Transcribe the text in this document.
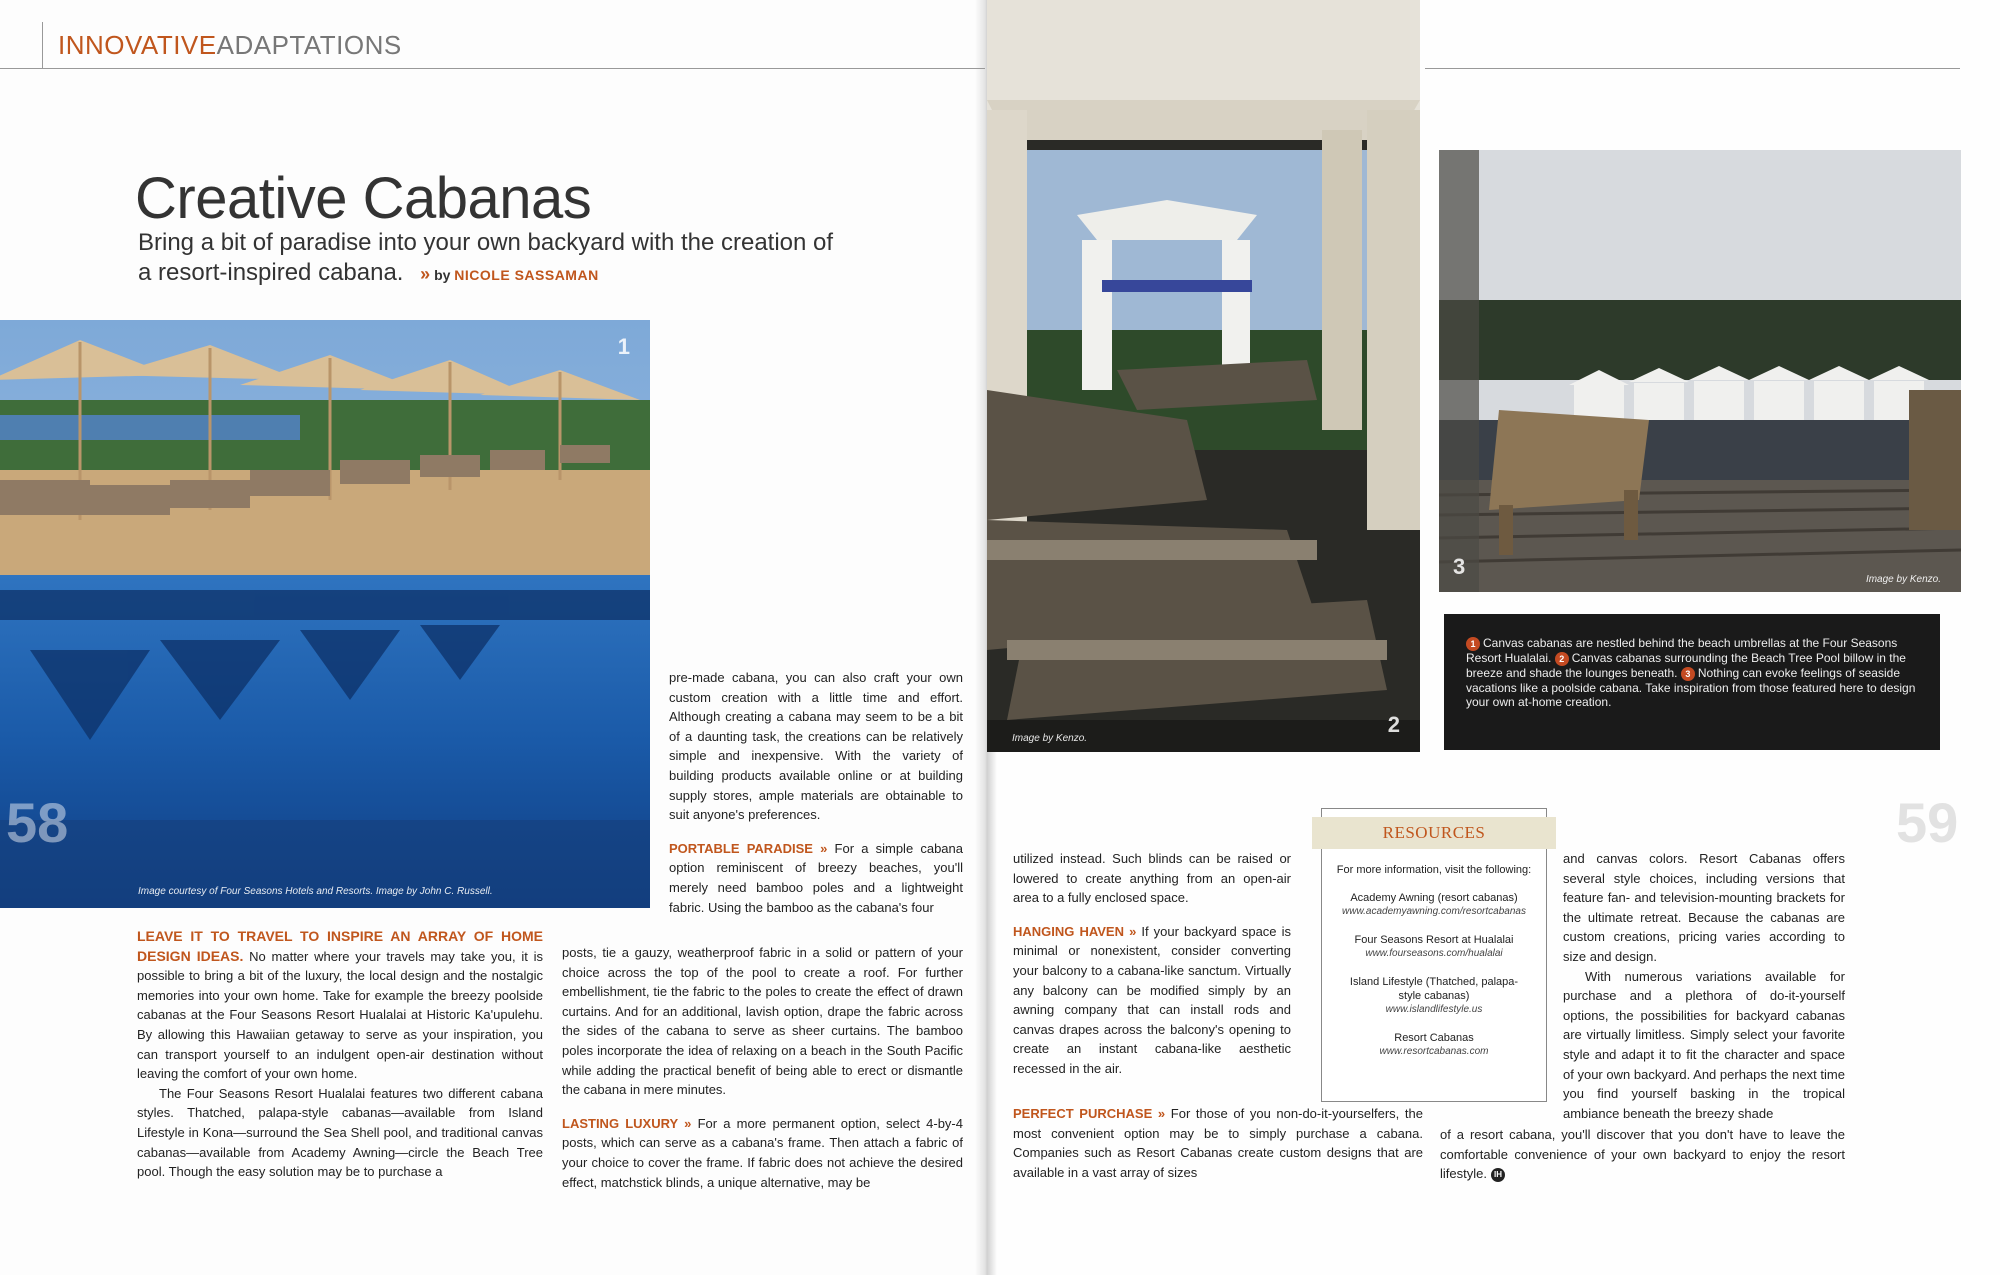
INNOVATIVEADAPTATIONS
Creative Cabanas
Bring a bit of paradise into your own backyard with the creation of a resort-inspired cabana. » by NICOLE SASSAMAN
1
58
Image courtesy of Four Seasons Hotels and Resorts. Image by John C. Russell.
Image by Kenzo.
2
3
Image by Kenzo.
1 Canvas cabanas are nestled behind the beach umbrellas at the Four Seasons Resort Hualalai. 2 Canvas cabanas surrounding the Beach Tree Pool billow in the breeze and shade the lounges beneath. 3 Nothing can evoke feelings of seaside vacations like a poolside cabana. Take inspiration from those featured here to design your own at-home creation.
59

LEAVE IT TO TRAVEL TO INSPIRE AN ARRAY OF HOME DESIGN IDEAS. No matter where your travels may take you, it is possible to bring a bit of the luxury, the local design and the nostalgic memories into your own home. Take for example the breezy poolside cabanas at the Four Seasons Resort Hualalai at Historic Ka'upulehu. By allowing this Hawaiian getaway to serve as your inspiration, you can transport yourself to an indulgent open-air destination without leaving the comfort of your own home.

The Four Seasons Resort Hualalai features two different cabana styles. Thatched, palapa-style cabanas—available from Island Lifestyle in Kona—surround the Sea Shell pool, and traditional canvas cabanas—available from Academy Awning—circle the Beach Tree pool. Though the easy solution may be to purchase a

pre-made cabana, you can also craft your own custom creation with a little time and effort. Although creating a cabana may seem to be a bit of a daunting task, the creations can be relatively simple and inexpensive. With the variety of building products available online or at building supply stores, ample materials are obtainable to suit anyone's preferences.

PORTABLE PARADISE » For a simple cabana option reminiscent of breezy beaches, you'll merely need bamboo poles and a lightweight fabric. Using the bamboo as the cabana's four

posts, tie a gauzy, weatherproof fabric in a solid or pattern of your choice across the top of the pool to create a roof. For further embellishment, tie the fabric to the poles to create the effect of drawn curtains. And for an additional, lavish option, drape the fabric across the sides of the cabana to serve as sheer curtains. The bamboo poles incorporate the idea of relaxing on a beach in the South Pacific while adding the practical benefit of being able to erect or dismantle the cabana in mere minutes.

LASTING LUXURY » For a more permanent option, select 4-by-4 posts, which can serve as a cabana's frame. Then attach a fabric of your choice to cover the frame. If fabric does not achieve the desired effect, matchstick blinds, a unique alternative, may be

utilized instead. Such blinds can be raised or lowered to create anything from an open-air area to a fully enclosed space.

HANGING HAVEN » If your backyard space is minimal or nonexistent, consider converting your balcony to a cabana-like sanctum. Virtually any balcony can be modified simply by an awning company that can install rods and canvas drapes across the balcony's opening to create an instant cabana-like aesthetic recessed in the air.

PERFECT PURCHASE » For those of you non-do-it-yourselfers, the most convenient option may be to simply purchase a cabana. Companies such as Resort Cabanas create custom designs that are available in a vast array of sizes

RESOURCES
For more information, visit the following:
Academy Awning (resort cabanas)
www.academyawning.com/resortcabanas
Four Seasons Resort at Hualalai
www.fourseasons.com/hualalai
Island Lifestyle (Thatched, palapa-style cabanas)
www.islandlifestyle.us
Resort Cabanas
www.resortcabanas.com

and canvas colors. Resort Cabanas offers several style choices, including versions that feature fan- and television-mounting brackets for the ultimate retreat. Because the cabanas are custom creations, pricing varies according to size and design.

With numerous variations available for purchase and a plethora of do-it-yourself options, the possibilities for backyard cabanas are virtually limitless. Simply select your favorite style and adapt it to fit the character and space of your own backyard. And perhaps the next time you find yourself basking in the tropical ambiance beneath the breezy shade

of a resort cabana, you'll discover that you don't have to leave the comfortable convenience of your own backyard to enjoy the resort lifestyle. IH
